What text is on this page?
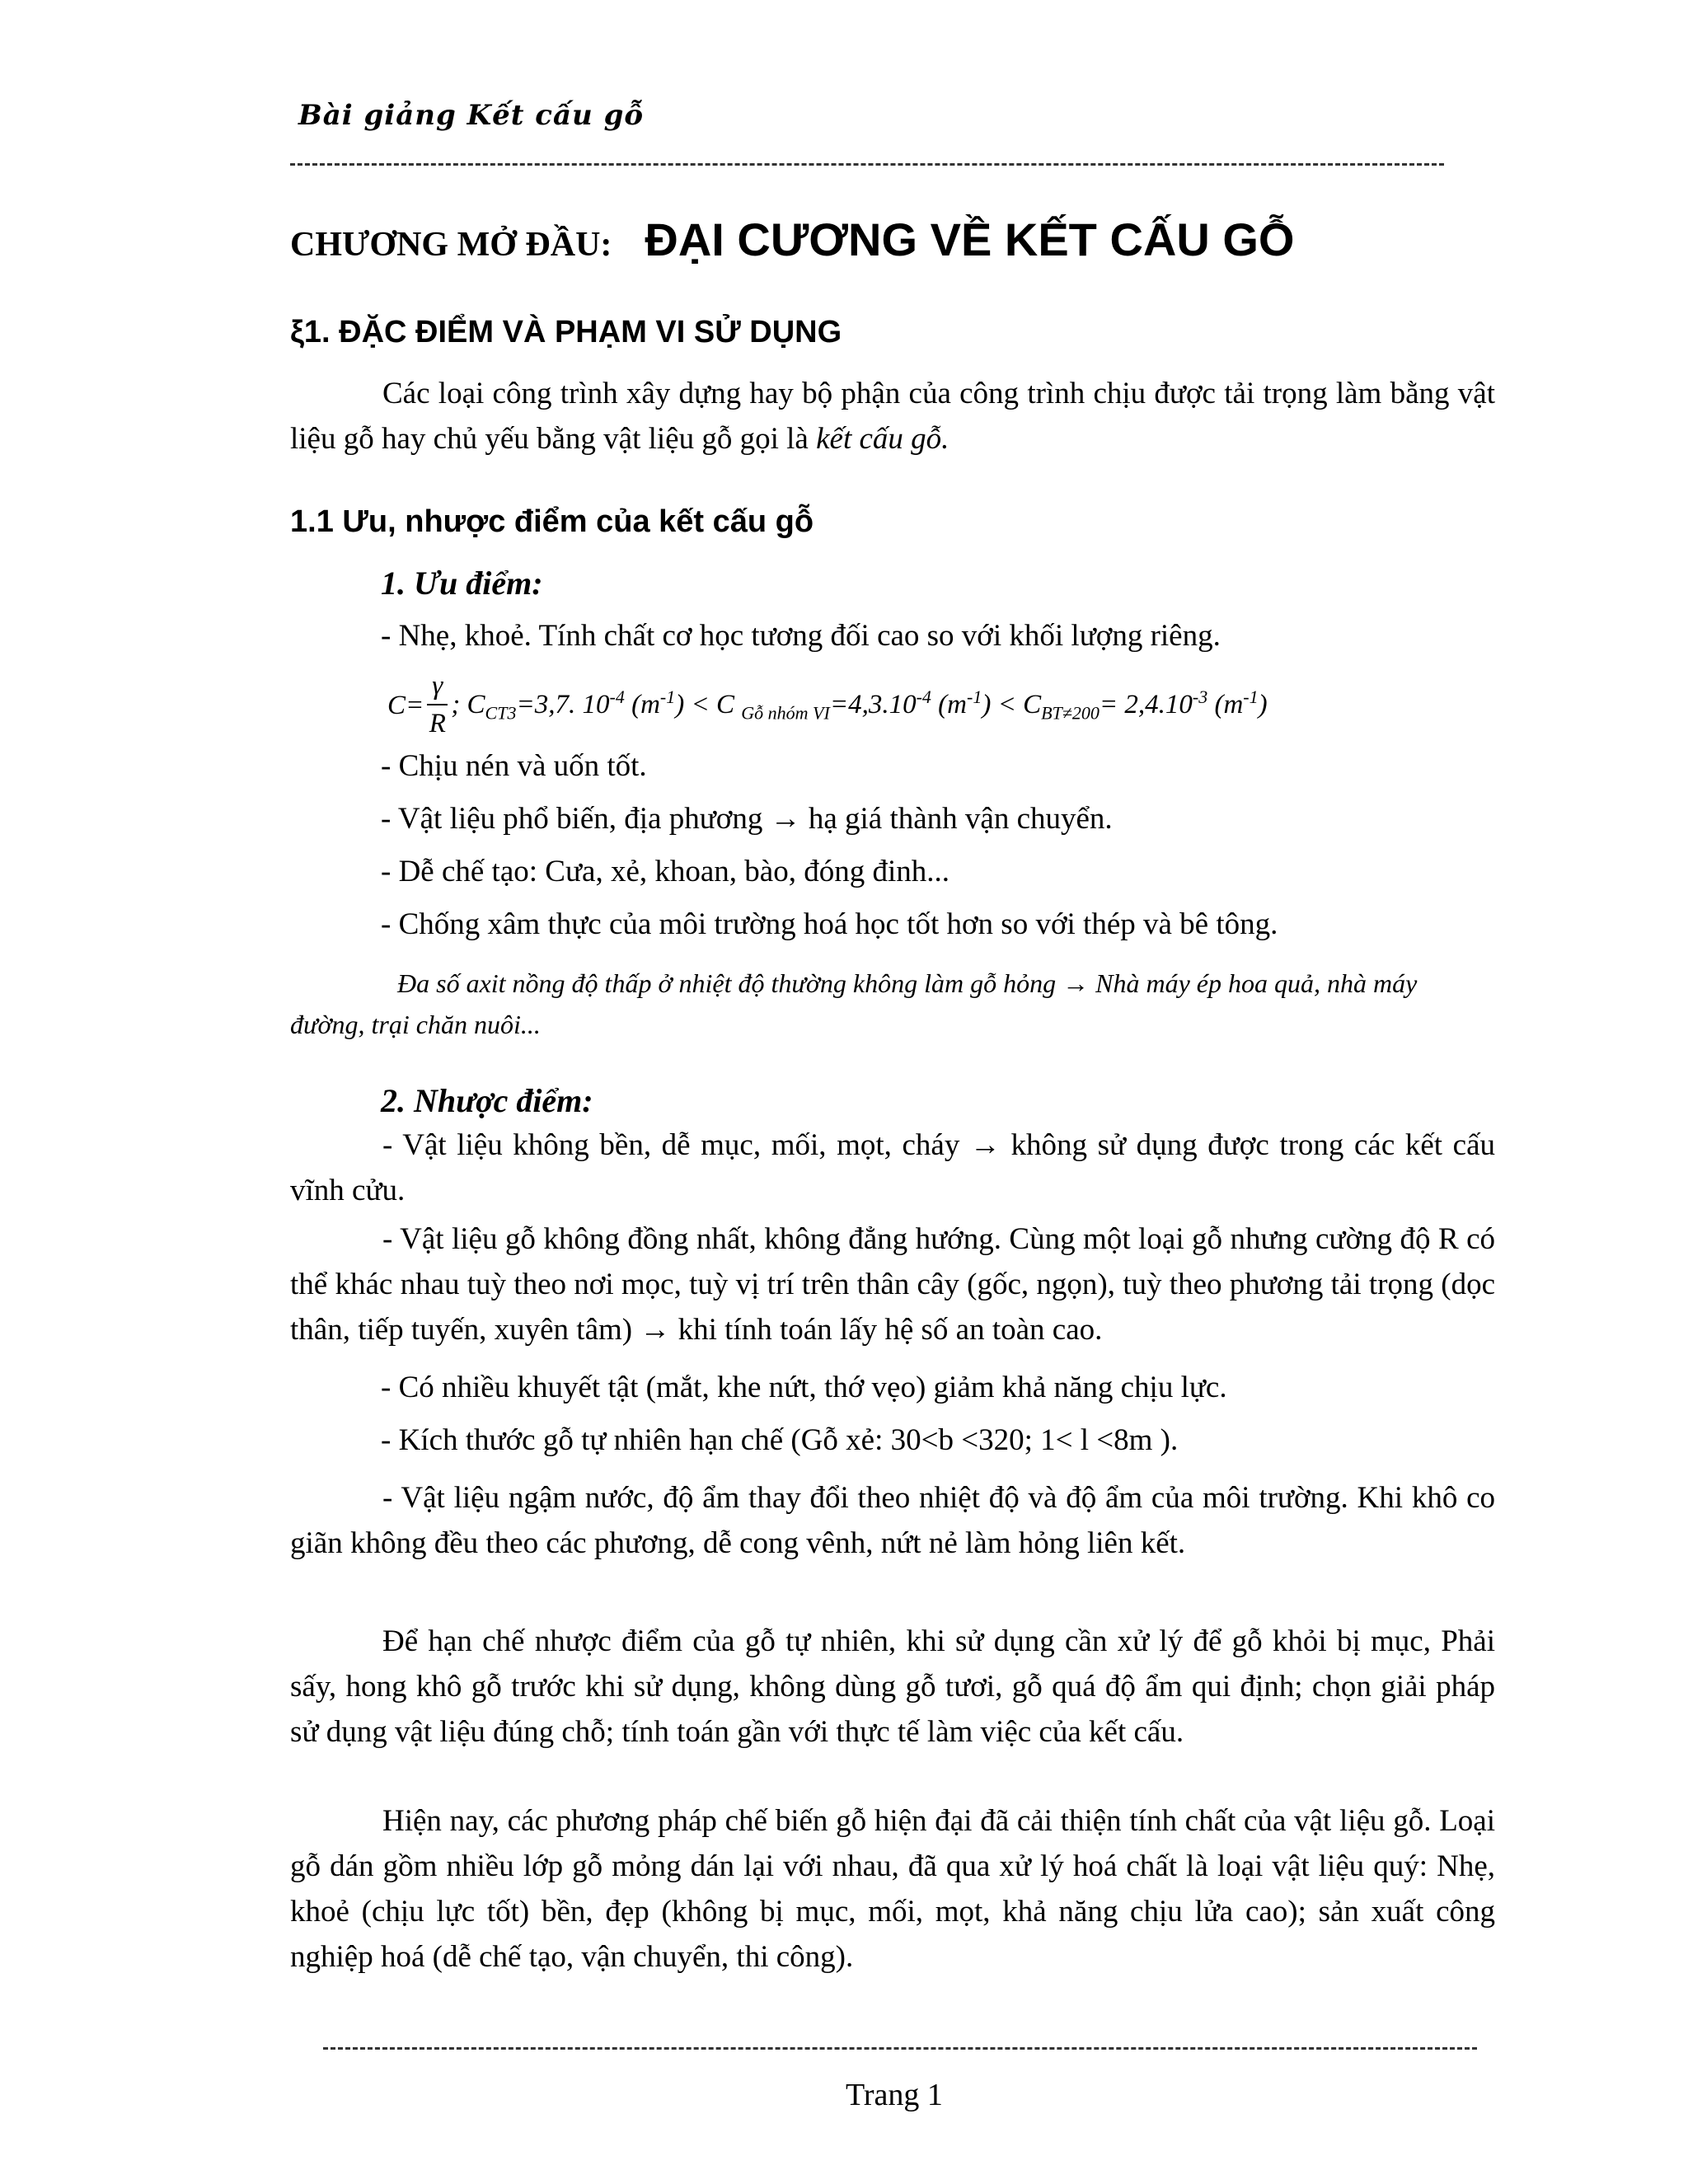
Bài giảng Kết cấu gỗ
CHƯƠNG MỞ ĐẦU: ĐẠI CƯƠNG VỀ KẾT CẤU GỖ
ξ1. ĐẶC ĐIỂM VÀ PHẠM VI SỬ DỤNG
Các loại công trình xây dựng hay bộ phận của công trình chịu được tải trọng làm bằng vật liệu gỗ hay chủ yếu bằng vật liệu gỗ gọi là kết cấu gỗ.
1.1 Ưu, nhược điểm của kết cấu gỗ
1. Ưu điểm:
- Nhẹ, khoẻ. Tính chất cơ học tương đối cao so với khối lượng riêng.
$C= \frac{\gamma}{R}$ ; $C_{CT3}=3,7$. $10^{-4}$ $(m^{-1}) < C$ $_{Gỗ nhóm VI}=4,3.10^{-4}$ $(m^{-1}) < C_{BT\ne 200}= 2,4.10^{-3}$ $(m^{-1})$
- Chịu nén và uốn tốt.
- Vật liệu phổ biến, địa phương → hạ giá thành vận chuyển.
- Dễ chế tạo: Cưa, xẻ, khoan, bào, đóng đinh...
- Chống xâm thực của môi trường hoá học tốt hơn so với thép và bê tông.
Đa số axit nồng độ thấp ở nhiệt độ thường không làm gỗ hỏng → Nhà máy ép hoa quả, nhà máy đường, trại chăn nuôi...
2. Nhược điểm:
- Vật liệu không bền, dễ mục, mối, mọt, cháy → không sử dụng được trong các kết cấu vĩnh cửu.
- Vật liệu gỗ không đồng nhất, không đẳng hướng. Cùng một loại gỗ nhưng cường độ R có thể khác nhau tuỳ theo nơi mọc, tuỳ vị trí trên thân cây (gốc, ngọn), tuỳ theo phương tải trọng (dọc thân, tiếp tuyến, xuyên tâm) → khi tính toán lấy hệ số an toàn cao.
- Có nhiều khuyết tật (mắt, khe nứt, thớ vẹo) giảm khả năng chịu lực.
- Kích thước gỗ tự nhiên hạn chế (Gỗ xẻ: 30<b <320; 1< l <8m ).
- Vật liệu ngậm nước, độ ẩm thay đổi theo nhiệt độ và độ ẩm của môi trường. Khi khô co giãn không đều theo các phương, dễ cong vênh, nứt nẻ làm hỏng liên kết.
Để hạn chế nhược điểm của gỗ tự nhiên, khi sử dụng cần xử lý để gỗ khỏi bị mục, Phải sấy, hong khô gỗ trước khi sử dụng, không dùng gỗ tươi, gỗ quá độ ẩm qui định; chọn giải pháp sử dụng vật liệu đúng chỗ; tính toán gần với thực tế làm việc của kết cấu.
Hiện nay, các phương pháp chế biến gỗ hiện đại đã cải thiện tính chất của vật liệu gỗ. Loại gỗ dán gồm nhiều lớp gỗ mỏng dán lại với nhau, đã qua xử lý hoá chất là loại vật liệu quý: Nhẹ, khoẻ (chịu lực tốt) bền, đẹp (không bị mục, mối, mọt, khả năng chịu lửa cao); sản xuất công nghiệp hoá (dễ chế tạo, vận chuyển, thi công).
Trang 1
